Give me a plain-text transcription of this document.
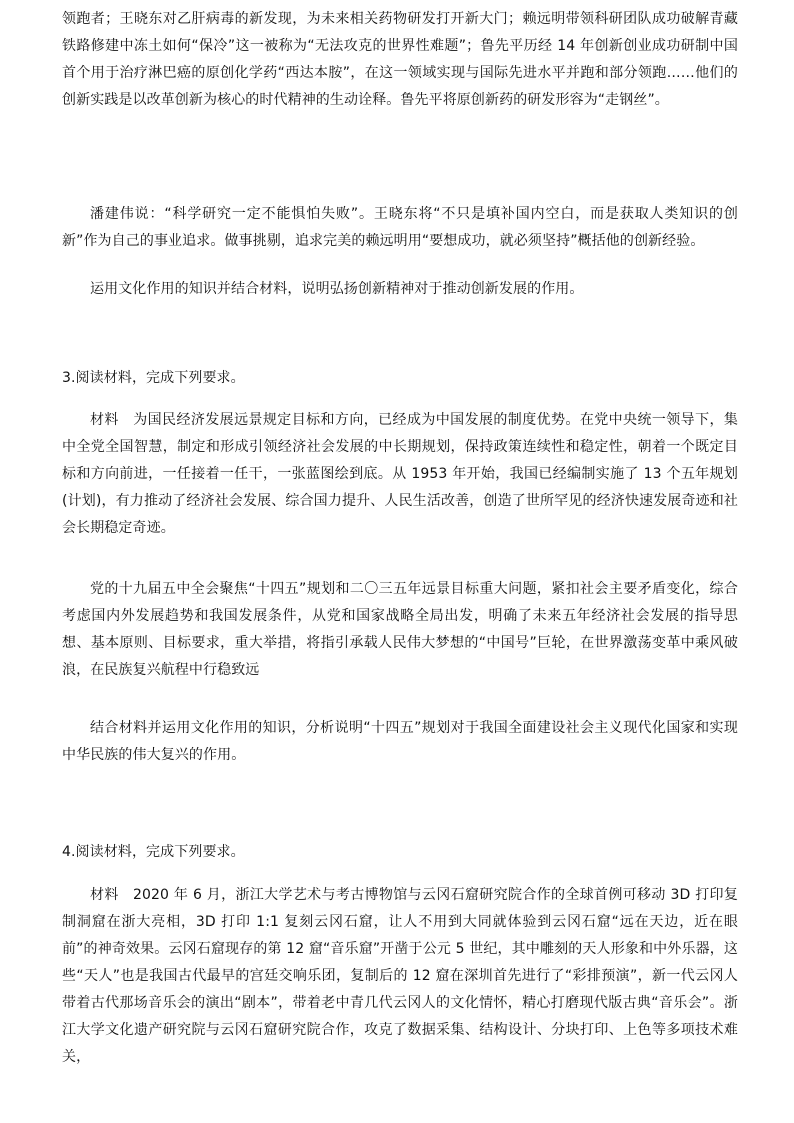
领跑者；王晓东对乙肝病毒的新发现，为未来相关药物研发打开新大门；赖远明带领科研团队成功破解青藏铁路修建中冻土如何“保冷”这一被称为“无法攻克的世界性难题”；鲁先平历经 14 年创新创业成功研制中国首个用于治疗淋巴癌的原创化学药“西达本胺”，在这一领域实现与国际先进水平并跑和部分领跑……他们的创新实践是以改革创新为核心的时代精神的生动诠释。鲁先平将原创新药的研发形容为“走钢丝”。

潘建伟说：“科学研究一定不能惧怕失败”。王晓东将“不只是填补国内空白，而是获取人类知识的创新”作为自己的事业追求。做事挑剔，追求完美的赖远明用“要想成功，就必须坚持”概括他的创新经验。

运用文化作用的知识并结合材料，说明弘扬创新精神对于推动创新发展的作用。

3.阅读材料，完成下列要求。

材料　为国民经济发展远景规定目标和方向，已经成为中国发展的制度优势。在党中央统一领导下，集中全党全国智慧，制定和形成引领经济社会发展的中长期规划，保持政策连续性和稳定性，朝着一个既定目标和方向前进，一任接着一任干，一张蓝图绘到底。从 1953 年开始，我国已经编制实施了 13 个五年规划(计划)，有力推动了经济社会发展、综合国力提升、人民生活改善，创造了世所罕见的经济快速发展奇迹和社会长期稳定奇迹。

党的十九届五中全会聚焦“十四五”规划和二〇三五年远景目标重大问题，紧扣社会主要矛盾变化，综合考虑国内外发展趋势和我国发展条件，从党和国家战略全局出发，明确了未来五年经济社会发展的指导思想、基本原则、目标要求，重大举措，将指引承载人民伟大梦想的“中国号”巨轮，在世界激荡变革中乘风破浪，在民族复兴航程中行稳致远

结合材料并运用文化作用的知识，分析说明“十四五”规划对于我国全面建设社会主义现代化国家和实现中华民族的伟大复兴的作用。

4.阅读材料，完成下列要求。

材料　2020 年 6 月，浙江大学艺术与考古博物馆与云冈石窟研究院合作的全球首例可移动 3D 打印复制洞窟在浙大亮相，3D 打印 1:1 复刻云冈石窟，让人不用到大同就体验到云冈石窟“远在天边，近在眼前”的神奇效果。云冈石窟现存的第 12 窟“音乐窟”开凿于公元 5 世纪，其中雕刻的天人形象和中外乐器，这些“天人”也是我国古代最早的宫廷交响乐团，复制后的 12 窟在深圳首先进行了“彩排预演”，新一代云冈人带着古代那场音乐会的演出“剧本”，带着老中青几代云冈人的文化情怀，精心打磨现代版古典“音乐会”。浙江大学文化遗产研究院与云冈石窟研究院合作，攻克了数据采集、结构设计、分块打印、上色等多项技术难关，
